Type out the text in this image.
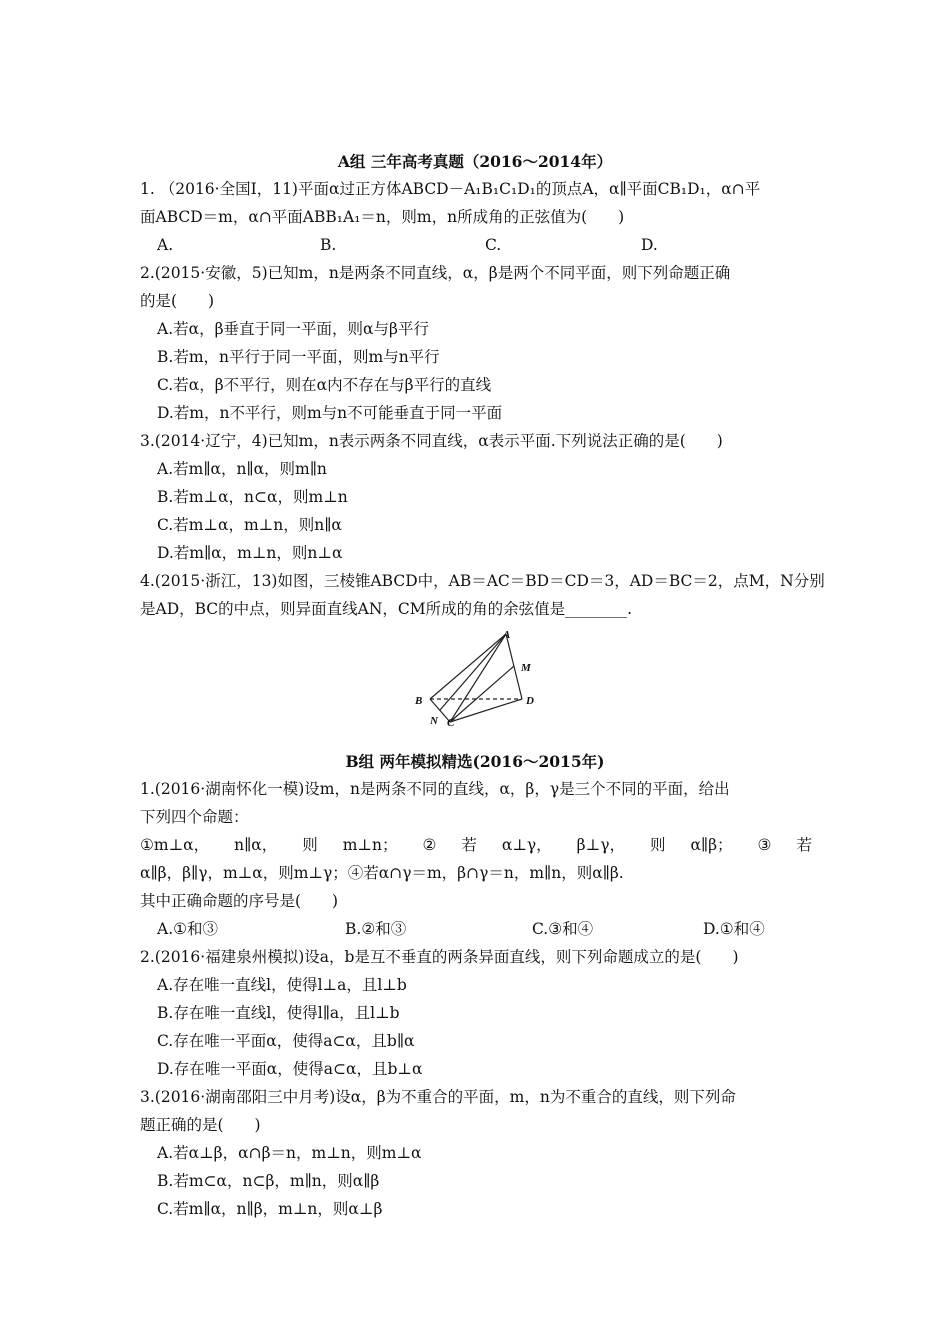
A组 三年高考真题（2016～2014年）
1. （2016·全国Ⅰ，11)平面α过正方体ABCD－A₁B₁C₁D₁的顶点A，α∥平面CB₁D₁，α∩平
面ABCD＝m，α∩平面ABB₁A₁＝n，则m，n所成角的正弦值为(　　)
A.	B.	C.	D.
2.(2015·安徽，5)已知m，n是两条不同直线，α，β是两个不同平面，则下列命题正确
的是(　　)
A.若α，β垂直于同一平面，则α与β平行
B.若m，n平行于同一平面，则m与n平行
C.若α，β不平行，则在α内不存在与β平行的直线
D.若m，n不平行，则m与n不可能垂直于同一平面
3.(2014·辽宁，4)已知m，n表示两条不同直线，α表示平面.下列说法正确的是(　　)
A.若m∥α，n∥α，则m∥n
B.若m⊥α，n⊂α，则m⊥n
C.若m⊥α，m⊥n，则n∥α
D.若m∥α，m⊥n，则n⊥α
4.(2015·浙江，13)如图，三棱锥ABCD中，AB＝AC＝BD＝CD＝3，AD＝BC＝2，点M，N分别
是AD，BC的中点，则异面直线AN，CM所成的角的余弦值是________.
A
B
C
D
M
N
B组 两年模拟精选(2016～2015年)
1.(2016·湖南怀化一模)设m，n是两条不同的直线，α，β，γ是三个不同的平面，给出
下列四个命题：
①m⊥α， n∥α， 则 m⊥n； ② 若 α⊥γ， β⊥γ， 则 α∥β； ③ 若
α∥β，β∥γ，m⊥α，则m⊥γ；④若α∩γ＝m，β∩γ＝n，m∥n，则α∥β.
其中正确命题的序号是(　　)
A.①和③	B.②和③	C.③和④	D.①和④
2.(2016·福建泉州模拟)设a，b是互不垂直的两条异面直线，则下列命题成立的是(　　)
A.存在唯一直线l，使得l⊥a，且l⊥b
B.存在唯一直线l，使得l∥a，且l⊥b
C.存在唯一平面α，使得a⊂α，且b∥α
D.存在唯一平面α，使得a⊂α，且b⊥α
3.(2016·湖南邵阳三中月考)设α，β为不重合的平面，m，n为不重合的直线，则下列命
题正确的是(　　)
A.若α⊥β，α∩β＝n，m⊥n，则m⊥α
B.若m⊂α，n⊂β，m∥n，则α∥β
C.若m∥α，n∥β，m⊥n，则α⊥β
